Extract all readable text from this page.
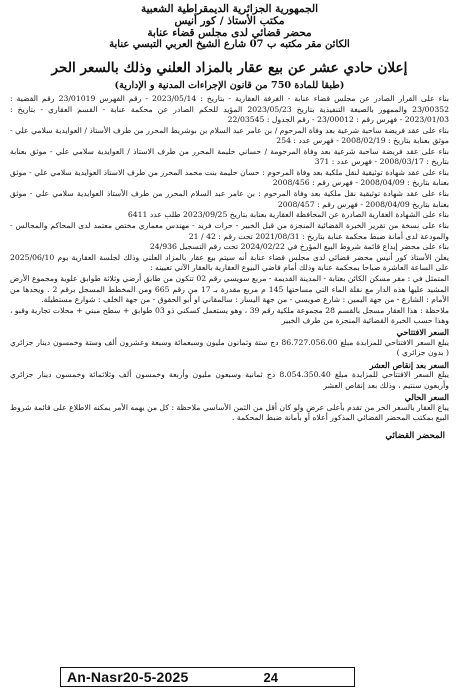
الجمهورية الجزائرية الديمقراطية الشعبية
مكتب الأستاذ / كور أنيس
محضر قضائي لدى مجلس قضاء عنابة
الكائن مقر مكتبه ب 07 شارع الشيخ العربي التبسي عنابة
إعلان حادي عشر عن بيع عقار بالمزاد العلني وذلك بالسعر الحر
(طبقا للمادة 750 من قانون الإجراءات المدنية و الإدارية)

بناء على القرار الصادر عن مجلس قضاء عنابة - الغرفة العقارية - بتاريخ : 2023/05/14 - رقم الفهرس 23/01019 رقم القضية : 23/00352 والممهور بالصيغة التنفيذية بتاريخ 2023/05/23 المؤيد للحكم الصادر عن محكمة عنابة - القسم العقاري - بتاريخ : 2023/01/03 - فهرس رقم : 23/00012 - رقم الجدول : 22/03545

بناء على عقد فريضة ساحبة شرعية بعد وفاة المرحوم / بن عامر عبد السلام بن بوشريط المحرر من طرف الأستاذ / العوايدية سلامي علي - موثق بعنابة بتاريخ : 2008/02/19 - فهرس عدد : 254

بناء على عقد فريضة ساحبة شرعية بعد وفاة المرحومة / حساني حليمة المحرر من طرف الاستاذ / العوايدية سلامي علي - موثق بعنابة بتاريخ : 2008/03/17 - فهرس عدد : 371

بناء على عقد شهادة توثيقية لنقل ملكية بعد وفاة المرحوم : حسان حليمة بنت محمد المحرر من طرف الاستاذ العوايدية سلامي علي - موثق بعنابة بتاريخ : 2008/04/09 - فهرس رقم : 2008/456

بناء على عقد شهادة توثيقية نقل ملكية بعد وفاة المرحوم : بن عامر عبد السلام المحرر من طرف الأستاذ العوايدية سلامي علي - موثق بعنابة بتاريخ 2008/04/09 - فهرس رقم : 2008/457

بناء على الشهادة العقارية الصادرة عن المحافظة العقارية بعنابة بتاريخ 2023/09/25 طلب عدد 6411

بناء على نسخة من تقرير الخبرة القضائية المنجزة من قبل الخبير - حرات فريد - مهندس معماري مختص معتمد لدى المحاكم والمجالس - والمودعة لدى أمانة ضبط محكمة عنابة بتاريخ : 2021/08/31 تحت رقم : 42 / 21

بناء على محضر إيداع قائمة شروط البيع المؤرخ في 2024/02/22 تحت رقم التسجيل 24/936

يعلن الأستاذ كور أنيس محضر قضائي لدى مجلس قضاء عنابة أنه سيتم بيع عقار بالمزاد العلني وذلك لجلسة العقارية يوم 2025/06/10 على الساعة العاشرة صباحا بمحكمة عنابة وذلك أمام قاضي البيوع العقارية بالعقار الآتي تعيينه :

المتمثل في : مقر مسكن الكائن بعنابة - المدينة القديمة - مربع سويسي رقم 02 تتكون من طابق أرضي وثلاثة طوابق علوية ومجموع الأرض المشيد عليها هذه الدار مع نقلة الماء التي مساحتها 145 م مربع مقدرة بـ 17 من رقم 665 ومن المخطط المسجل برقم 2 . ويحدها من الأمام : الشارع - من جهة اليمين : شارع صويسي - من جهة اليسار : سالمقاني او أبو الحقوق - من جهة الخلف : شوارع مستطيلة.

ملاحظة : هذا العقار مسجل بالقسم 28 مجموعة ملكية رقم 39 ، وهو يستعمل كسكني ذو 03 طوابق + سطح مبني + محلات تجارية وقبو ، وهذا حسب الخبرة القضائية المنجزة من طرف الخبير

السعر الافتتاحي

يبلغ السعر الافتتاحي للمزايدة مبلغ 86.727.056.00 دج ستة وثمانون مليون وسبعمائة وسبعة وعشرون ألف وستة وخمسون دينار جزائري ( بدون جزائري )

السعر بعد إنقاص العشر

يبلغ السعر الافتتاحي للمزايدة مبلغ 8.054.350.40 دج ثمانية وسبعون مليون وأربعة وخمسون ألف وثلاثمائة وخمسون دينار جزائري وأربعون سنتيم ، وذلك بعد إنقاص العشر

السعر الحالي

يباع العقار بالسعر الحر من تقدم بأعلى عرض ولو كان أقل من الثمن الأساسي ملاحظة : كل من يهمه الأمر يمكنه الاطلاع على قائمة شروط البيع بمكتب المحضر القضائي المذكور أعلاه أو بأمانة ضبط المحكمة .

المحضر القضائي
An-Nasr20-5-2025	24
